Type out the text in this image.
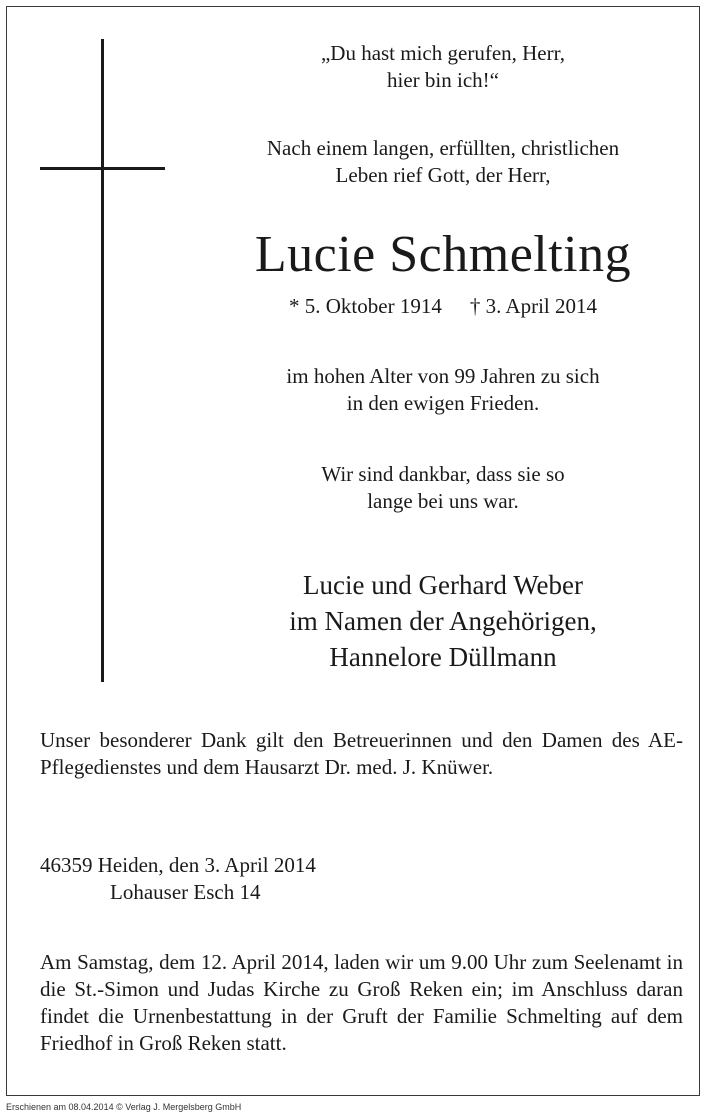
„Du hast mich gerufen, Herr,
hier bin ich!“

Nach einem langen, erfüllten, christlichen
Leben rief Gott, der Herr,

Lucie Schmelting

* 5. Oktober 1914 † 3. April 2014

im hohen Alter von 99 Jahren zu sich
in den ewigen Frieden.

Wir sind dankbar, dass sie so
lange bei uns war.

Lucie und Gerhard Weber
im Namen der Angehörigen,
Hannelore Düllmann

Unser besonderer Dank gilt den Betreuerinnen und den Damen des AE-Pflegedienstes und dem Hausarzt Dr. med. J. Knüwer.

46359 Heiden, den 3. April 2014
Lohauser Esch 14

Am Samstag, dem 12. April 2014, laden wir um 9.00 Uhr zum Seelenamt in die St.-Simon und Judas Kirche zu Groß Reken ein; im Anschluss daran findet die Urnenbestattung in der Gruft der Familie Schmelting auf dem Friedhof in Groß Reken statt.

Erschienen am 08.04.2014 © Verlag J. Mergelsberg GmbH
